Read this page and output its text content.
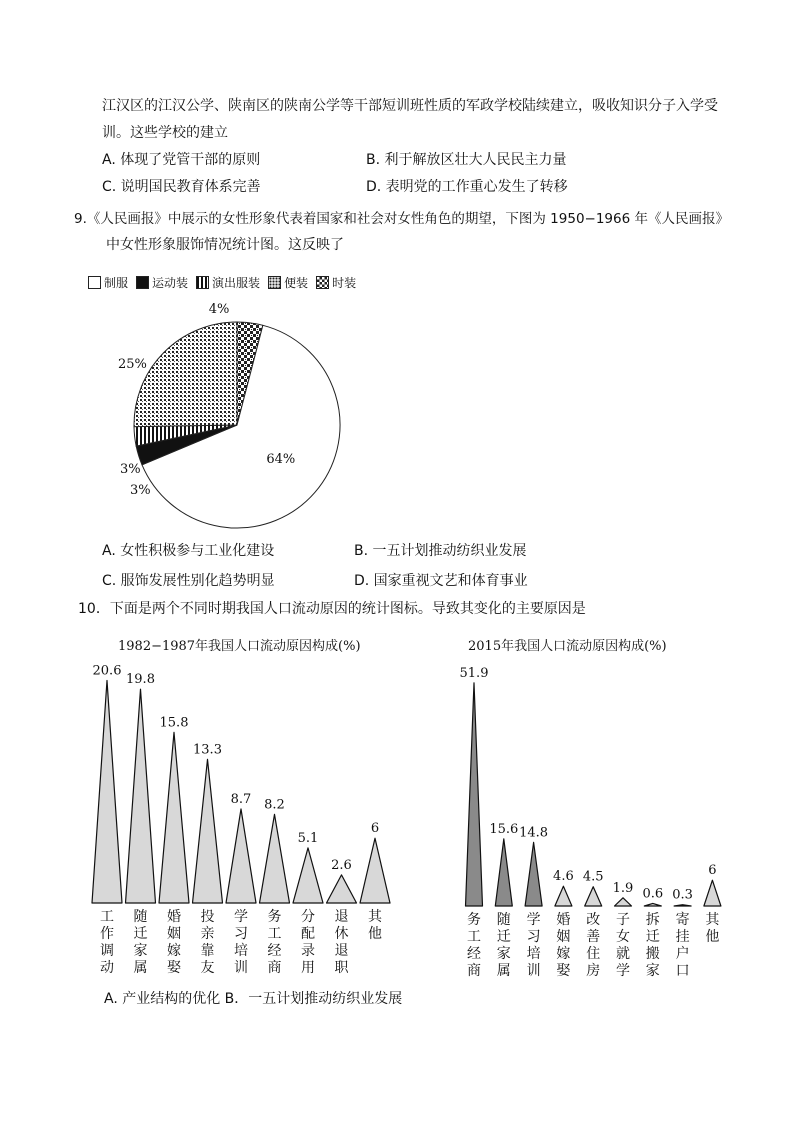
江汉区的江汉公学、陕南区的陕南公学等干部短训班性质的军政学校陆续建立，吸收知识分子入学受
训。这些学校的建立
A. 体现了党管干部的原则	B. 利于解放区壮大人民民主力量
C. 说明国民教育体系完善	D. 表明党的工作重心发生了转移
9.《人民画报》中展示的女性形象代表着国家和社会对女性角色的期望，下图为 1950−1966 年《人民画报》
中女性形象服饰情况统计图。这反映了
制服 运动装 演出服装 便装 时装
4%
64%
3%
3%
25%
A. 女性积极参与工业化建设	B. 一五计划推动纺织业发展
C. 服饰发展性别化趋势明显	D. 国家重视文艺和体育事业
10．下面是两个不同时期我国人口流动原因的统计图标。导致其变化的主要原因是
1982−1987年我国人口流动原因构成(%)	2015年我国人口流动原因构成(%)
20.6
工
作
调
动
19.8
随
迁
家
属
15.8
婚
姻
嫁
娶
13.3
投
亲
靠
友
8.7
学
习
培
训
8.2
务
工
经
商
5.1
分
配
录
用
2.6
退
休
退
职
6
其
他
51.9
务
工
经
商
15.6
随
迁
家
属
14.8
学
习
培
训
4.6
婚
姻
嫁
娶
4.5
改
善
住
房
1.9
子
女
就
学
0.6
拆
迁
搬
家
0.3
寄
挂
户
口
6
其
他
A. 产业结构的优化 B．一五计划推动纺织业发展
